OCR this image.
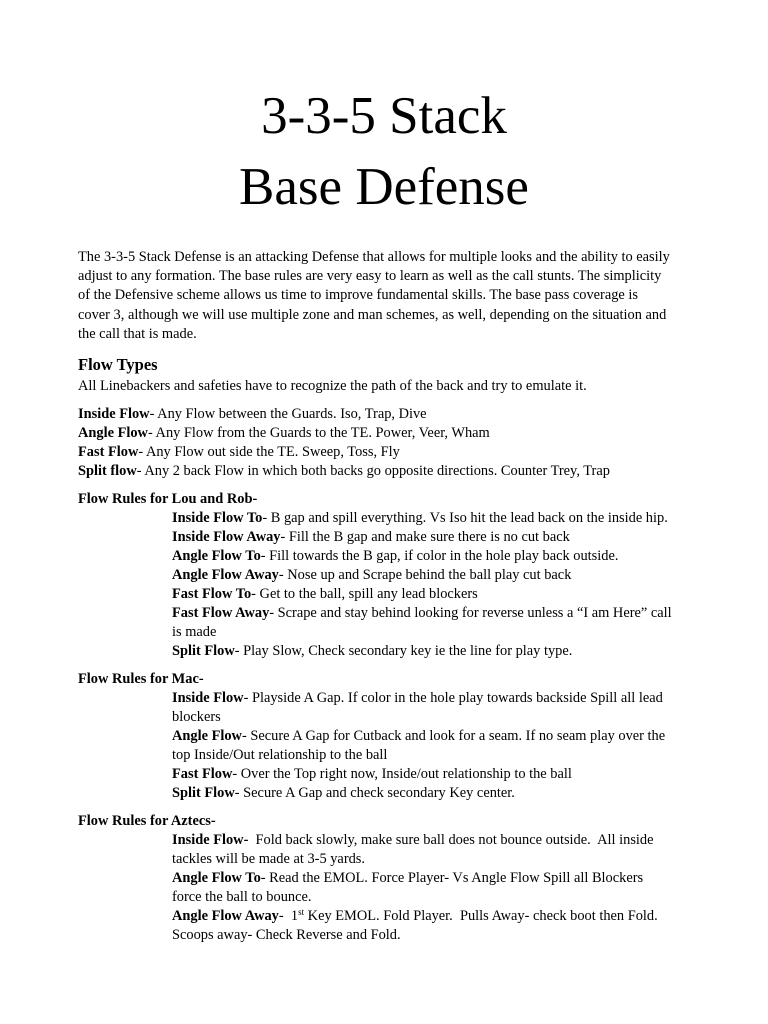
3-3-5 Stack
Base Defense
The 3-3-5 Stack Defense is an attacking Defense that allows for multiple looks and the ability to easily
adjust to any formation. The base rules are very easy to learn as well as the call stunts. The simplicity
of the Defensive scheme allows us time to improve fundamental skills. The base pass coverage is
cover 3, although we will use multiple zone and man schemes, as well, depending on the situation and
the call that is made.
Flow Types
All Linebackers and safeties have to recognize the path of the back and try to emulate it.
Inside Flow- Any Flow between the Guards. Iso, Trap, Dive
Angle Flow- Any Flow from the Guards to the TE. Power, Veer, Wham
Fast Flow- Any Flow out side the TE. Sweep, Toss, Fly
Split flow- Any 2 back Flow in which both backs go opposite directions. Counter Trey, Trap
Flow Rules for Lou and Rob-
Inside Flow To- B gap and spill everything. Vs Iso hit the lead back on the inside hip.
Inside Flow Away- Fill the B gap and make sure there is no cut back
Angle Flow To- Fill towards the B gap, if color in the hole play back outside.
Angle Flow Away- Nose up and Scrape behind the ball play cut back
Fast Flow To- Get to the ball, spill any lead blockers
Fast Flow Away- Scrape and stay behind looking for reverse unless a “I am Here” call
is made
Split Flow- Play Slow, Check secondary key ie the line for play type.
Flow Rules for Mac-
Inside Flow- Playside A Gap. If color in the hole play towards backside Spill all lead
blockers
Angle Flow- Secure A Gap for Cutback and look for a seam. If no seam play over the
top Inside/Out relationship to the ball
Fast Flow- Over the Top right now, Inside/out relationship to the ball
Split Flow- Secure A Gap and check secondary Key center.
Flow Rules for Aztecs-
Inside Flow-  Fold back slowly, make sure ball does not bounce outside.  All inside
tackles will be made at 3-5 yards.
Angle Flow To- Read the EMOL. Force Player- Vs Angle Flow Spill all Blockers
force the ball to bounce.
Angle Flow Away-  1st Key EMOL. Fold Player.  Pulls Away- check boot then Fold.
Scoops away- Check Reverse and Fold.
